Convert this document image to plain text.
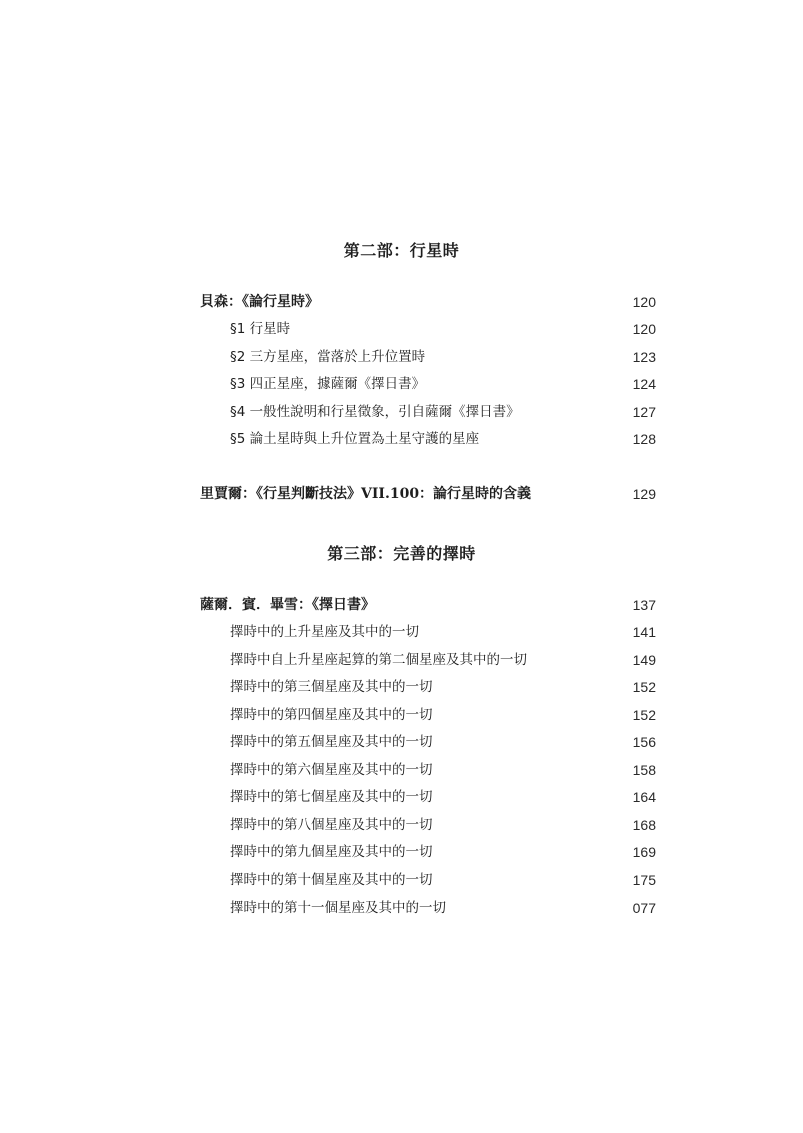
第二部：行星時
貝森：《論行星時》	120
§1 行星時	120
§2 三方星座，當落於上升位置時	123
§3 四正星座，據薩爾《擇日書》	124
§4 一般性說明和行星徵象，引自薩爾《擇日書》	127
§5 論土星時與上升位置為土星守護的星座	128
里賈爾：《行星判斷技法》VII.100：論行星時的含義	129
第三部：完善的擇時
薩爾．賓．畢雪：《擇日書》	137
擇時中的上升星座及其中的一切	141
擇時中自上升星座起算的第二個星座及其中的一切	149
擇時中的第三個星座及其中的一切	152
擇時中的第四個星座及其中的一切	152
擇時中的第五個星座及其中的一切	156
擇時中的第六個星座及其中的一切	158
擇時中的第七個星座及其中的一切	164
擇時中的第八個星座及其中的一切	168
擇時中的第九個星座及其中的一切	169
擇時中的第十個星座及其中的一切	175
擇時中的第十一個星座及其中的一切	077
